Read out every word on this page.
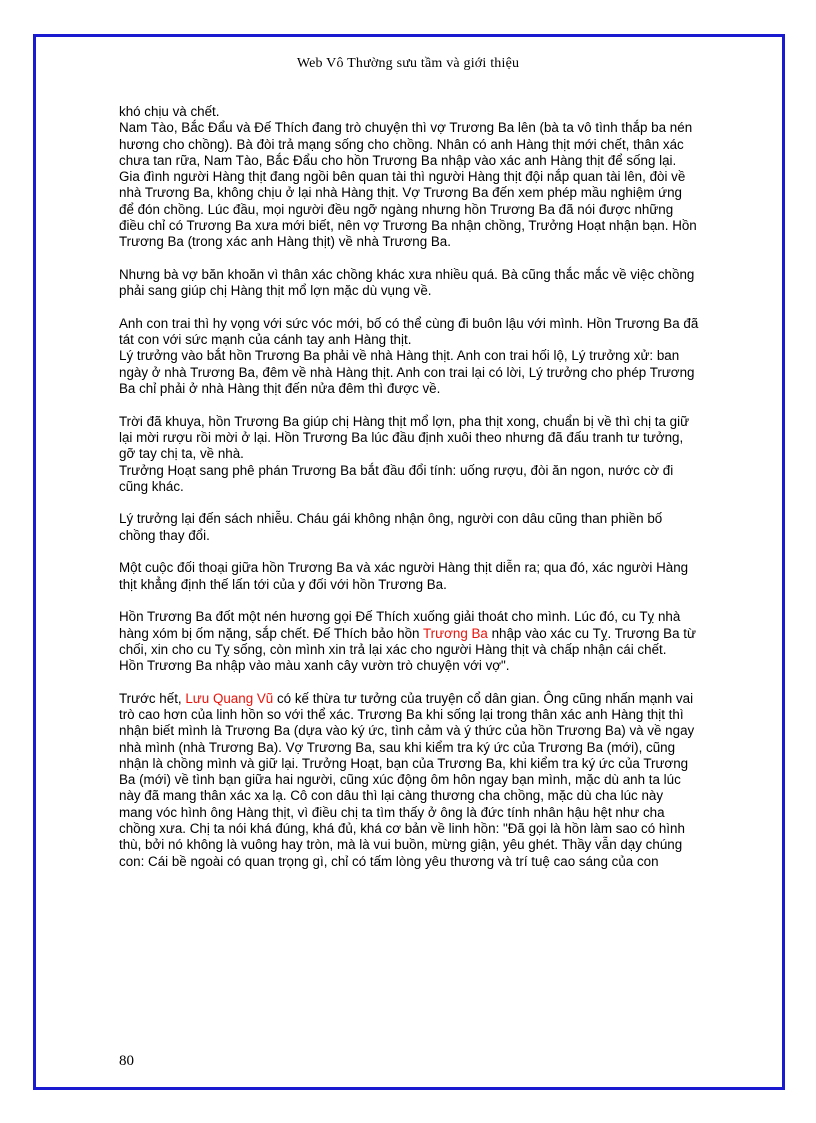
Web Vô Thường sưu tầm và giới thiệu

khó chịu và chết.

Nam Tào, Bắc Đẩu và Đế Thích đang trò chuyện thì vợ Trương Ba lên (bà ta vô tình thắp ba nén hương cho chồng). Bà đòi trả mạng sống cho chồng. Nhân có anh Hàng thịt mới chết, thân xác chưa tan rữa, Nam Tào, Bắc Đẩu cho hồn Trương Ba nhập vào xác anh Hàng thịt để sống lại.

Gia đình người Hàng thịt đang ngồi bên quan tài thì người Hàng thịt đội nắp quan tài lên, đòi về nhà Trương Ba, không chịu ở lại nhà Hàng thịt. Vợ Trương Ba đến xem phép mầu nghiệm ứng để đón chồng. Lúc đầu, mọi người đều ngỡ ngàng nhưng hồn Trương Ba đã nói được những điều chỉ có Trương Ba xưa mới biết, nên vợ Trương Ba nhận chồng, Trưởng Hoạt nhận bạn. Hồn Trương Ba (trong xác anh Hàng thịt) về nhà Trương Ba.

Nhưng bà vợ băn khoăn vì thân xác chồng khác xưa nhiều quá. Bà cũng thắc mắc về việc chồng phải sang giúp chị Hàng thịt mổ lợn mặc dù vụng về.

Anh con trai thì hy vọng với sức vóc mới, bố có thể cùng đi buôn lậu với mình. Hồn Trương Ba đã tát con với sức mạnh của cánh tay anh Hàng thịt.

Lý trưởng vào bắt hồn Trương Ba phải về nhà Hàng thịt. Anh con trai hối lộ, Lý trưởng xử: ban ngày ở nhà Trương Ba, đêm về nhà Hàng thịt. Anh con trai lại có lời, Lý trưởng cho phép Trương Ba chỉ phải ở nhà Hàng thịt đến nửa đêm thì được về.

Trời đã khuya, hồn Trương Ba giúp chị Hàng thịt mổ lợn, pha thịt xong, chuẩn bị về thì chị ta giữ lại mời rượu rồi mời ở lại. Hồn Trương Ba lúc đầu định xuôi theo nhưng đã đấu tranh tư tưởng, gỡ tay chị ta, về nhà.

Trưởng Hoạt sang phê phán Trương Ba bắt đầu đổi tính: uống rượu, đòi ăn ngon, nước cờ đi cũng khác.

Lý trưởng lại đến sách nhiễu. Cháu gái không nhận ông, người con dâu cũng than phiền bố chồng thay đổi.

Một cuộc đối thoại giữa hồn Trương Ba và xác người Hàng thịt diễn ra; qua đó, xác người Hàng thịt khẳng định thế lấn tới của y đối với hồn Trương Ba.

Hồn Trương Ba đốt một nén hương gọi Đế Thích xuống giải thoát cho mình. Lúc đó, cu Tỵ nhà hàng xóm bị ốm nặng, sắp chết. Đế Thích bảo hồn Trương Ba nhập vào xác cu Tỵ. Trương Ba từ chối, xin cho cu Tỵ sống, còn mình xin trả lại xác cho người Hàng thịt và chấp nhận cái chết.

Hồn Trương Ba nhập vào màu xanh cây vườn trò chuyện với vợ".

Trước hết, Lưu Quang Vũ có kế thừa tư tưởng của truyện cổ dân gian. Ông cũng nhấn mạnh vai trò cao hơn của linh hồn so với thể xác. Trương Ba khi sống lại trong thân xác anh Hàng thịt thì nhận biết mình là Trương Ba (dựa vào ký ức, tình cảm và ý thức của hồn Trương Ba) và về ngay nhà mình (nhà Trương Ba). Vợ Trương Ba, sau khi kiểm tra ký ức của Trương Ba (mới), cũng nhận là chồng mình và giữ lại. Trưởng Hoạt, bạn của Trương Ba, khi kiểm tra ký ức của Trương Ba (mới) về tình bạn giữa hai người, cũng xúc động ôm hôn ngay bạn mình, mặc dù anh ta lúc này đã mang thân xác xa lạ. Cô con dâu thì lại càng thương cha chồng, mặc dù cha lúc này mang vóc hình ông Hàng thịt, vì điều chị ta tìm thấy ở ông là đức tính nhân hậu hệt như cha chồng xưa. Chị ta nói khá đúng, khá đủ, khá cơ bản về linh hồn: "Đã gọi là hồn làm sao có hình thù, bởi nó không là vuông hay tròn, mà là vui buồn, mừng giận, yêu ghét. Thầy vẫn dạy chúng con: Cái bề ngoài có quan trọng gì, chỉ có tấm lòng yêu thương và trí tuệ cao sáng của con

80
